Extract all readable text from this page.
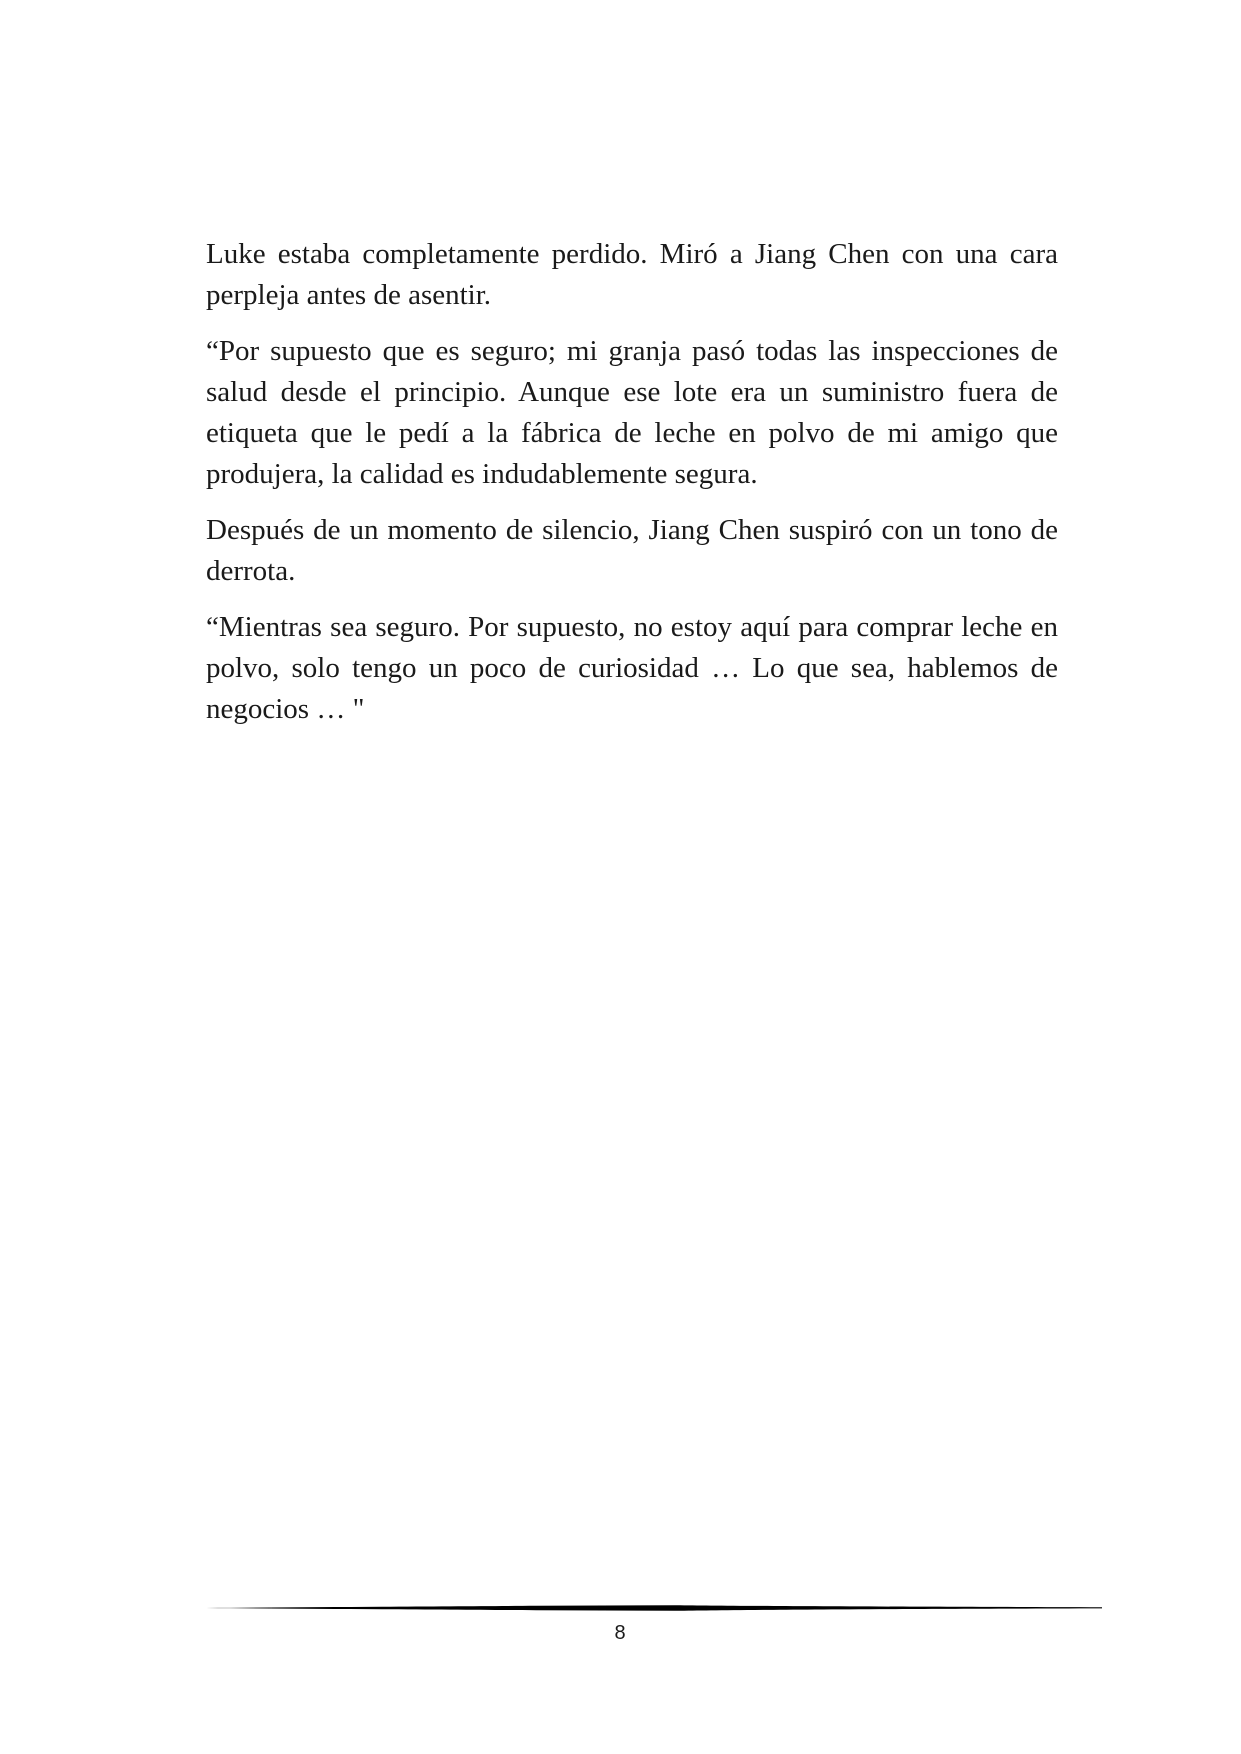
Luke estaba completamente perdido. Miró a Jiang Chen con una cara perpleja antes de asentir.

“Por supuesto que es seguro; mi granja pasó todas las inspecciones de salud desde el principio. Aunque ese lote era un suministro fuera de etiqueta que le pedí a la fábrica de leche en polvo de mi amigo que produjera, la calidad es indudablemente segura.

Después de un momento de silencio, Jiang Chen suspiró con un tono de derrota.

“Mientras sea seguro. Por supuesto, no estoy aquí para comprar leche en polvo, solo tengo un poco de curiosidad … Lo que sea, hablemos de negocios … "

8
